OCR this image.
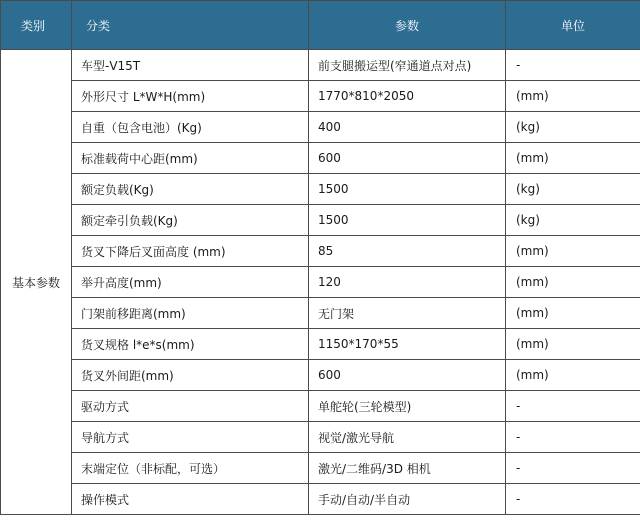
类别	分类	参数	单位
基本参数	车型-V15T	前支腿搬运型(窄通道点对点)	-
	外形尺寸 L*W*H(mm)	1770*810*2050	(mm)
	自重（包含电池）(Kg)	400	(kg)
	标准载荷中心距(mm)	600	(mm)
	额定负载(Kg)	1500	(kg)
	额定牵引负载(Kg)	1500	(kg)
	货叉下降后叉面高度 (mm)	85	(mm)
	举升高度(mm)	120	(mm)
	门架前移距离(mm)	无门架	(mm)
	货叉规格 l*e*s(mm)	1150*170*55	(mm)
	货叉外间距(mm)	600	(mm)
	驱动方式	单舵轮(三轮模型)	-
	导航方式	视觉/激光导航	-
	末端定位（非标配，可选）	激光/二维码/3D 相机	-
	操作模式	手动/自动/半自动	-
